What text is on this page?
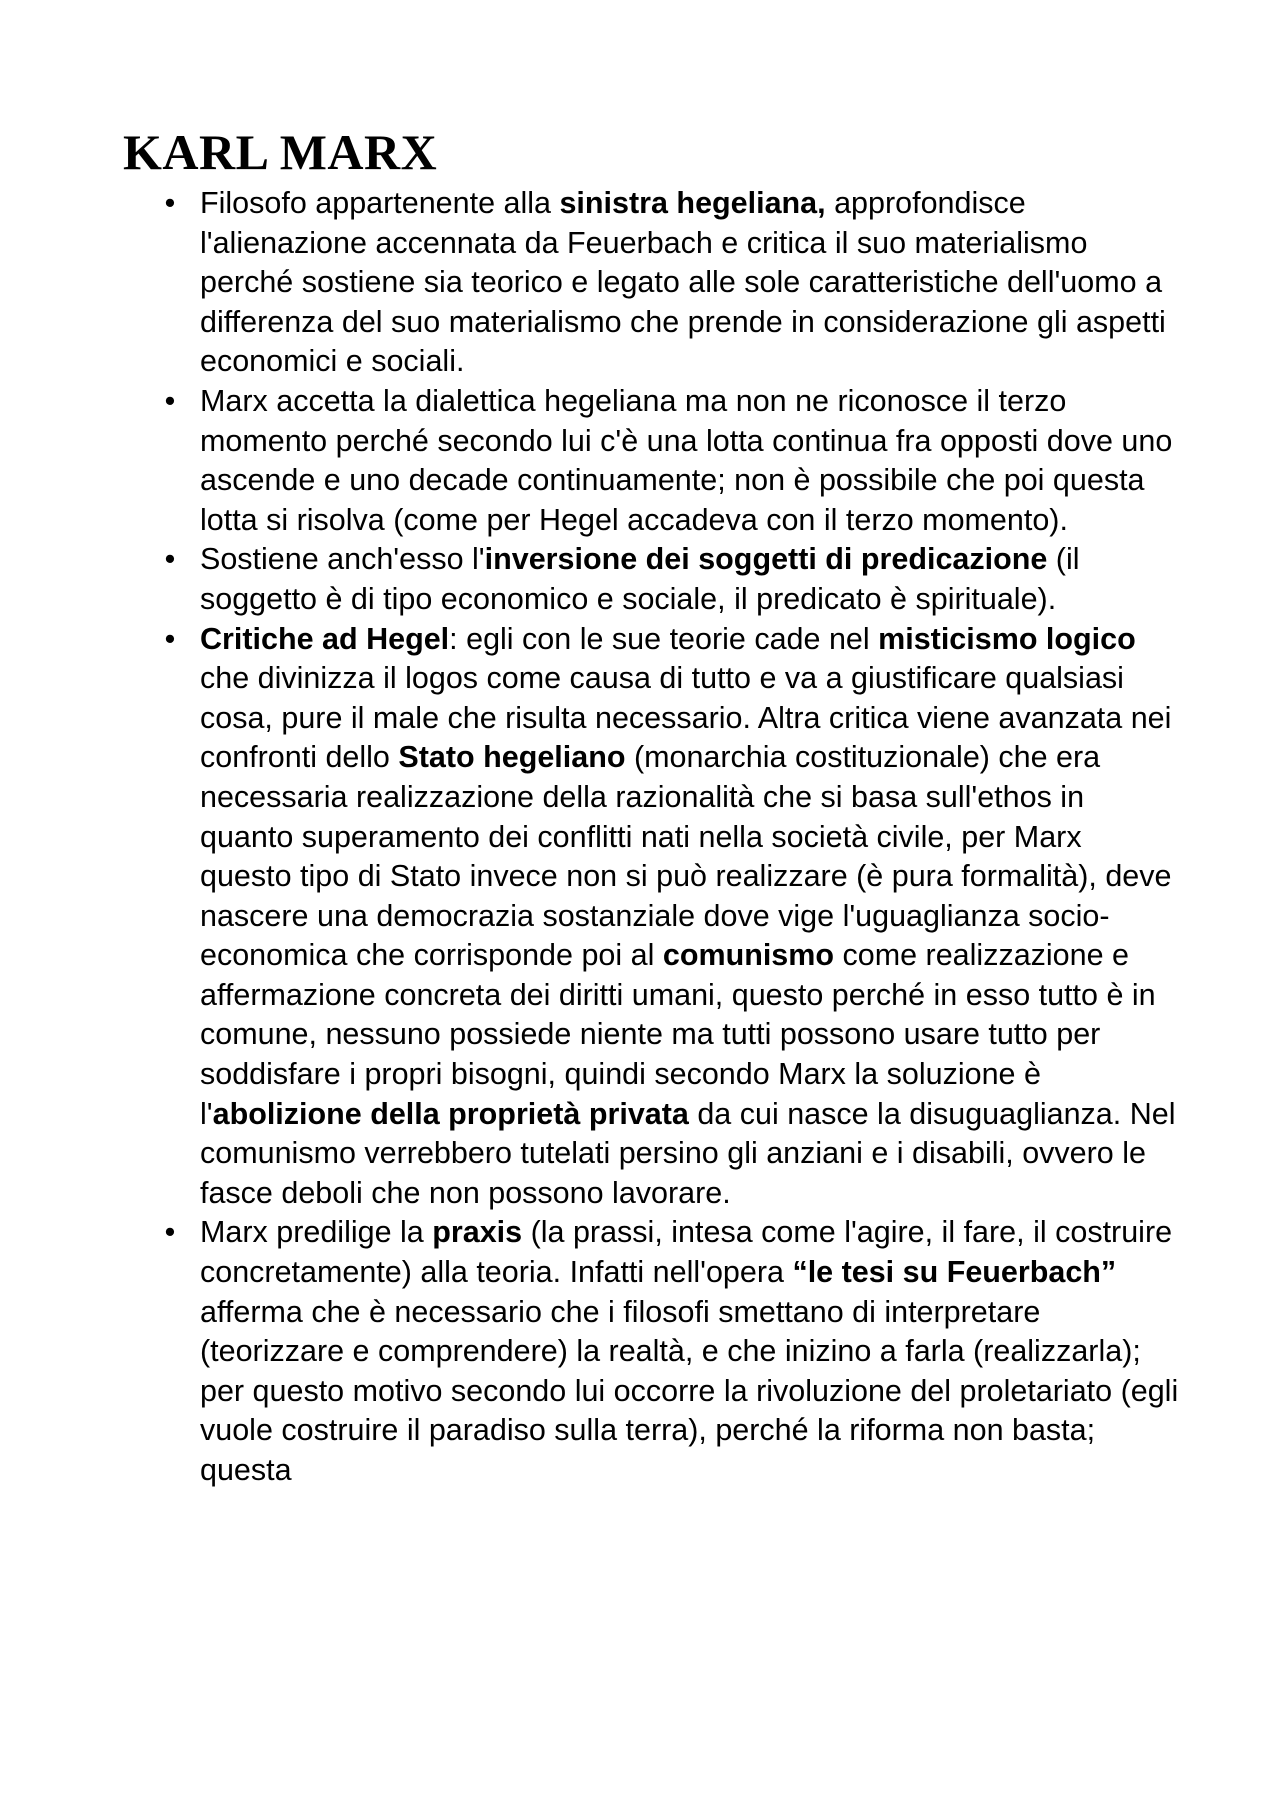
KARL MARX
• Filosofo appartenente alla sinistra hegeliana, approfondisce l'alienazione accennata da Feuerbach e critica il suo materialismo perché sostiene sia teorico e legato alle sole caratteristiche dell'uomo a differenza del suo materialismo che prende in considerazione gli aspetti economici e sociali.
• Marx accetta la dialettica hegeliana ma non ne riconosce il terzo momento perché secondo lui c'è una lotta continua fra opposti dove uno ascende e uno decade continuamente; non è possibile che poi questa lotta si risolva (come per Hegel accadeva con il terzo momento).
• Sostiene anch'esso l'inversione dei soggetti di predicazione (il soggetto è di tipo economico e sociale, il predicato è spirituale).
• Critiche ad Hegel: egli con le sue teorie cade nel misticismo logico che divinizza il logos come causa di tutto e va a giustificare qualsiasi cosa, pure il male che risulta necessario. Altra critica viene avanzata nei confronti dello Stato hegeliano (monarchia costituzionale) che era necessaria realizzazione della razionalità che si basa sull'ethos in quanto superamento dei conflitti nati nella società civile, per Marx questo tipo di Stato invece non si può realizzare (è pura formalità), deve nascere una democrazia sostanziale dove vige l'uguaglianza socio-economica che corrisponde poi al comunismo come realizzazione e affermazione concreta dei diritti umani, questo perché in esso tutto è in comune, nessuno possiede niente ma tutti possono usare tutto per soddisfare i propri bisogni, quindi secondo Marx la soluzione è l'abolizione della proprietà privata da cui nasce la disuguaglianza. Nel comunismo verrebbero tutelati persino gli anziani e i disabili, ovvero le fasce deboli che non possono lavorare.
• Marx predilige la praxis (la prassi, intesa come l'agire, il fare, il costruire concretamente) alla teoria. Infatti nell'opera “le tesi su Feuerbach” afferma che è necessario che i filosofi smettano di interpretare (teorizzare e comprendere) la realtà, e che inizino a farla (realizzarla); per questo motivo secondo lui occorre la rivoluzione del proletariato (egli vuole costruire il paradiso sulla terra), perché la riforma non basta; questa
